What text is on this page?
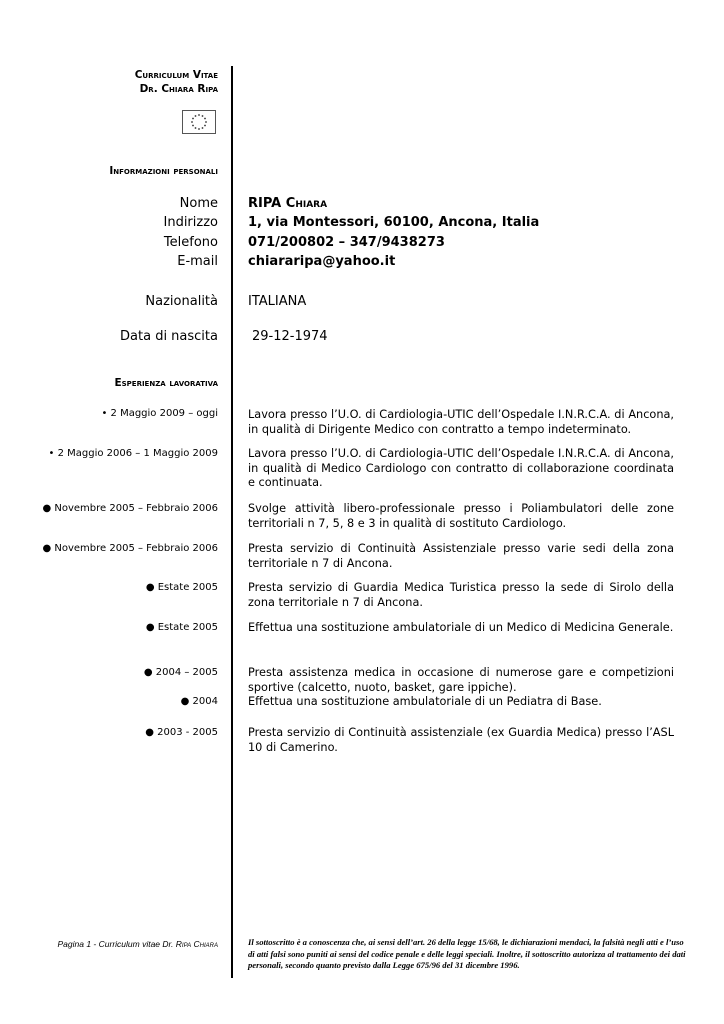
Curriculum Vitae
Dr. Chiara Ripa
Informazioni personali
Nome RIPA Chiara
Indirizzo 1, via Montessori, 60100, Ancona, Italia
Telefono 071/200802 – 347/9438273
E-mail chiararipa@yahoo.it
Nazionalità ITALIANA
Data di nascita	29-12-1974
Esperienza lavorativa
• 2 Maggio 2009 – oggi	Lavora presso l’U.O. di Cardiologia-UTIC dell’Ospedale I.N.R.C.A. di Ancona, in qualità di Dirigente Medico con contratto a tempo indeterminato.
• 2 Maggio 2006 – 1 Maggio 2009	Lavora presso l’U.O. di Cardiologia-UTIC dell’Ospedale I.N.R.C.A. di Ancona, in qualità di Medico Cardiologo con contratto di collaborazione coordinata e continuata.
● Novembre 2005 – Febbraio 2006	Svolge attività libero-professionale presso i Poliambulatori delle zone territoriali n 7, 5, 8 e 3 in qualità di sostituto Cardiologo.
● Novembre 2005 – Febbraio 2006	Presta servizio di Continuità Assistenziale presso varie sedi della zona territoriale n 7 di Ancona.
● Estate 2005	Presta servizio di Guardia Medica Turistica presso la sede di Sirolo della zona territoriale n 7 di Ancona.
● Estate 2005	Effettua una sostituzione ambulatoriale di un Medico di Medicina Generale.
● 2004 – 2005	Presta assistenza medica in occasione di numerose gare e competizioni sportive (calcetto, nuoto, basket, gare ippiche).
● 2004	Effettua una sostituzione ambulatoriale di un Pediatra di Base.
● 2003 - 2005	Presta servizio di Continuità assistenziale (ex Guardia Medica) presso l’ASL 10 di Camerino.
Pagina 1 - Curriculum vitae Dr. Ripa Chiara	Il sottoscritto è a conoscenza che, ai sensi dell’art. 26 della legge 15/68, le dichiarazioni mendaci, la falsità negli atti e l’uso di atti falsi sono puniti ai sensi del codice penale e delle leggi speciali. Inoltre, il sottoscritto autorizza al trattamento dei dati personali, secondo quanto previsto dalla Legge 675/96 del 31 dicembre 1996.
